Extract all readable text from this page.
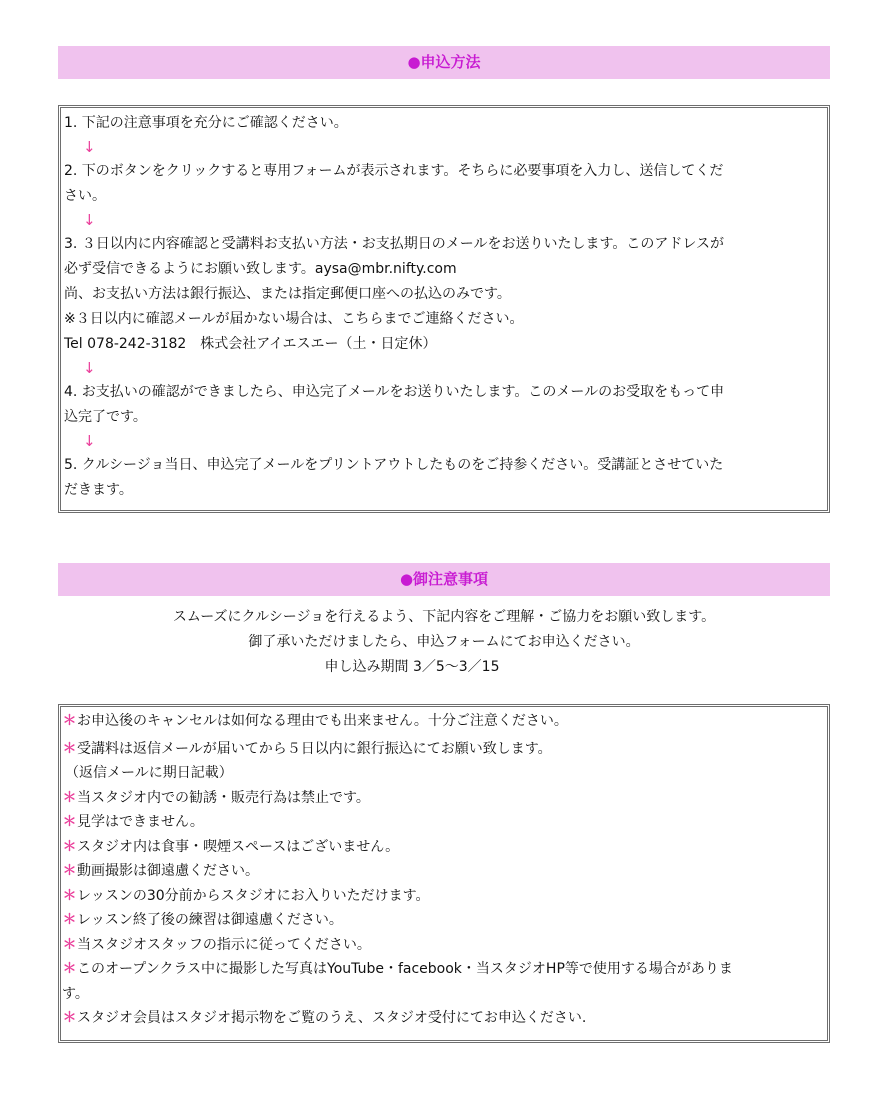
●申込方法
1. 下記の注意事項を充分にご確認ください。
↓
2. 下のボタンをクリックすると専用フォームが表示されます。そちらに必要事項を入力し、送信してくだ
さい。
↓
3. ３日以内に内容確認と受講料お支払い方法・お支払期日のメールをお送りいたします。このアドレスが
必ず受信できるようにお願い致します。aysa@mbr.nifty.com
尚、お支払い方法は銀行振込、または指定郵便口座への払込のみです。
※３日以内に確認メールが届かない場合は、こちらまでご連絡ください。
Tel 078-242-3182　株式会社アイエスエー（土・日定休）
↓
4. お支払いの確認ができましたら、申込完了メールをお送りいたします。このメールのお受取をもって申
込完了です。
↓
5. クルシージョ当日、申込完了メールをプリントアウトしたものをご持参ください。受講証とさせていた
だきます。
●御注意事項
スムーズにクルシージョを行えるよう、下記内容をご理解・ご協力をお願い致します。
御了承いただけましたら、申込フォームにてお申込ください。
申し込み期間 3／5〜3／15
＊お申込後のキャンセルは如何なる理由でも出来ません。十分ご注意ください。
＊受講料は返信メールが届いてから５日以内に銀行振込にてお願い致します。
（返信メールに期日記載）
＊当スタジオ内での勧誘・販売行為は禁止です。
＊見学はできません。
＊スタジオ内は食事・喫煙スペースはございません。
＊動画撮影は御遠慮ください。
＊レッスンの30分前からスタジオにお入りいただけます。
＊レッスン終了後の練習は御遠慮ください。
＊当スタジオスタッフの指示に従ってください。
＊このオープンクラス中に撮影した写真はYouTube・facebook・当スタジオHP等で使用する場合がありま
す。
＊スタジオ会員はスタジオ掲示物をご覧のうえ、スタジオ受付にてお申込ください.
